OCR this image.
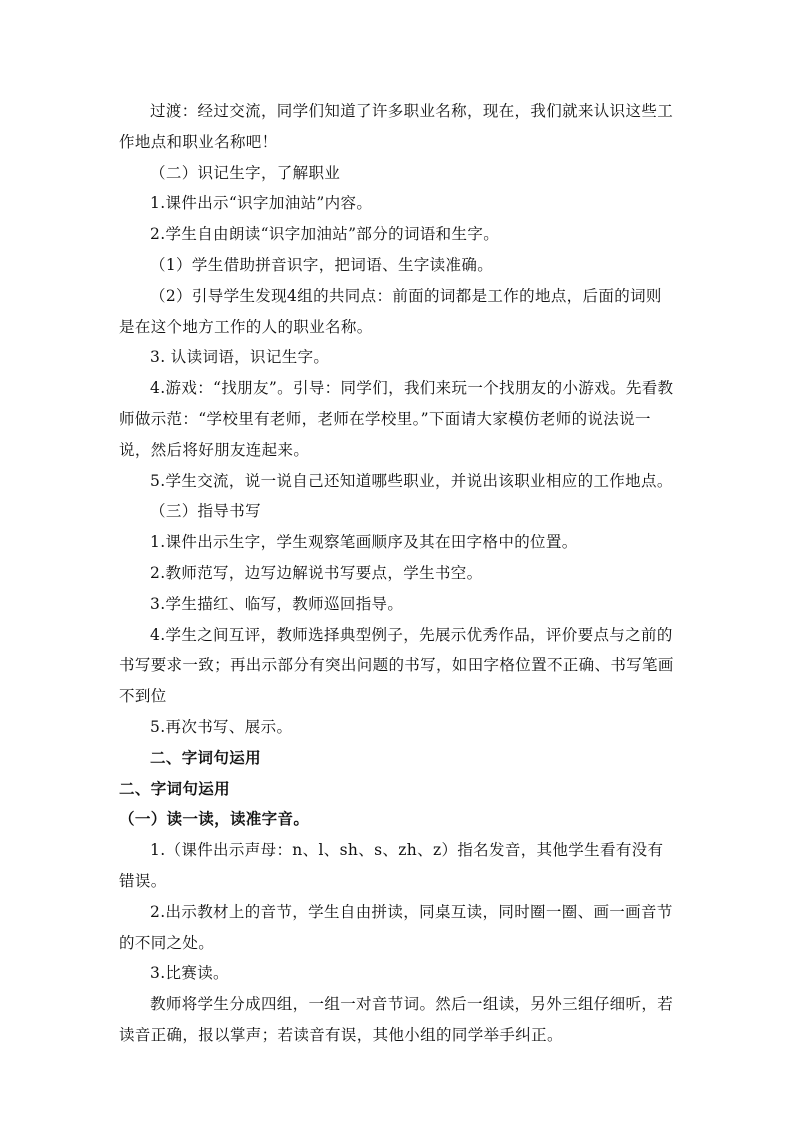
过渡：经过交流，同学们知道了许多职业名称，现在，我们就来认识这些工作地点和职业名称吧！

（二）识记生字，了解职业

1.课件出示“识字加油站”内容。

2.学生自由朗读“识字加油站”部分的词语和生字。

（1）学生借助拼音识字，把词语、生字读准确。

（2）引导学生发现4组的共同点：前面的词都是工作的地点，后面的词则是在这个地方工作的人的职业名称。

3. 认读词语，识记生字。

4.游戏：“找朋友”。引导：同学们，我们来玩一个找朋友的小游戏。先看教师做示范：“学校里有老师，老师在学校里。”下面请大家模仿老师的说法说一说，然后将好朋友连起来。

5.学生交流，说一说自己还知道哪些职业，并说出该职业相应的工作地点。

（三）指导书写

1.课件出示生字，学生观察笔画顺序及其在田字格中的位置。

2.教师范写，边写边解说书写要点，学生书空。

3.学生描红、临写，教师巡回指导。

4.学生之间互评，教师选择典型例子，先展示优秀作品，评价要点与之前的书写要求一致；再出示部分有突出问题的书写，如田字格位置不正确、书写笔画不到位

5.再次书写、展示。

二、字词句运用

二、字词句运用

（一）读一读，读准字音。

1.（课件出示声母：n、l、sh、s、zh、z）指名发音，其他学生看有没有错误。

2.出示教材上的音节，学生自由拼读，同桌互读，同时圈一圈、画一画音节的不同之处。

3.比赛读。

教师将学生分成四组，一组一对音节词。然后一组读，另外三组仔细听，若读音正确，报以掌声；若读音有误，其他小组的同学举手纠正。
